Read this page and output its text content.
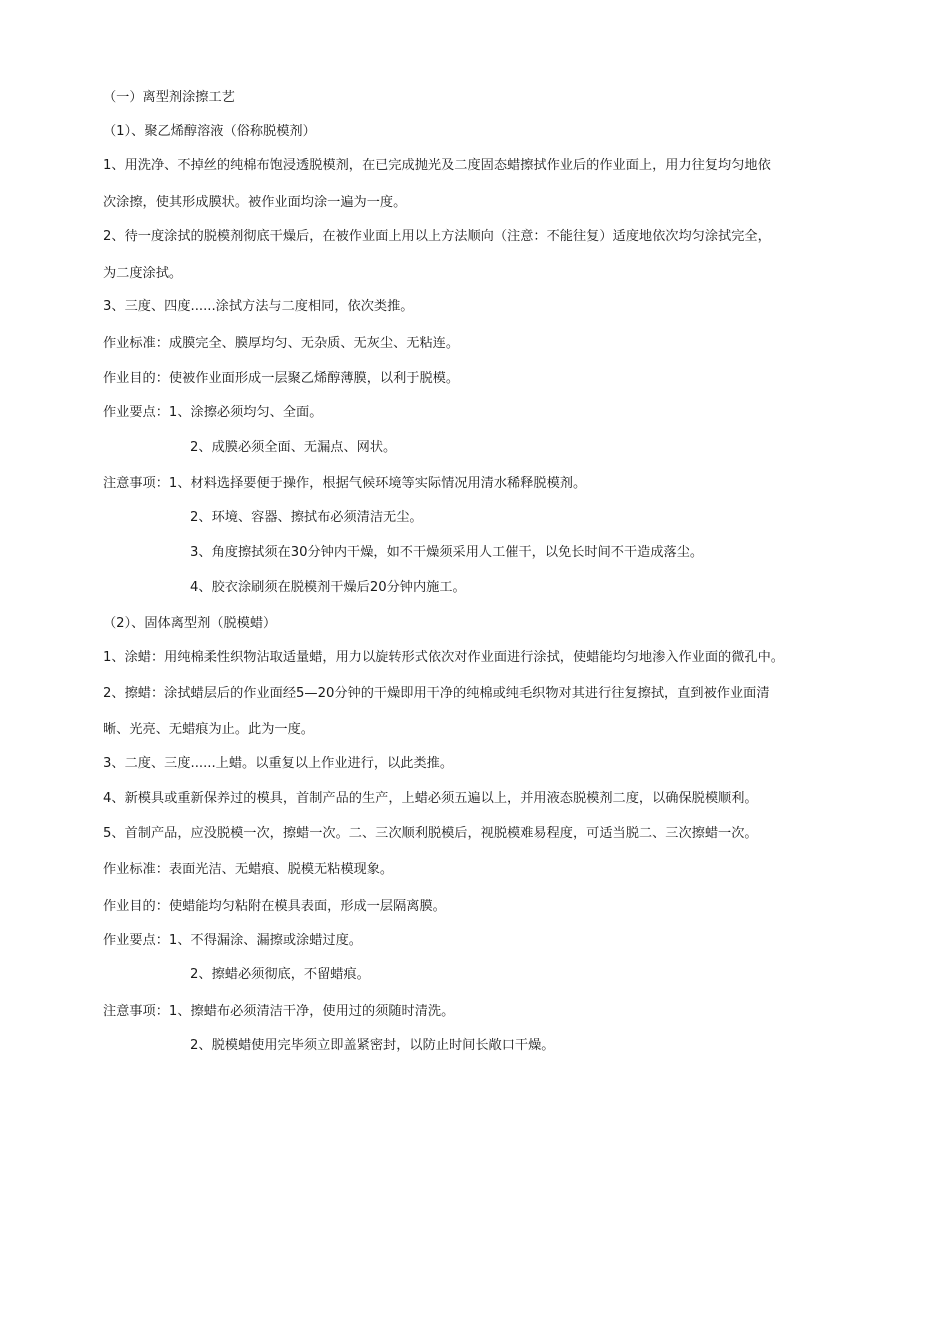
（一）离型剂涂擦工艺
（1）、聚乙烯醇溶液（俗称脱模剂）
1、用洗净、不掉丝的纯棉布饱浸透脱模剂，在已完成抛光及二度固态蜡擦拭作业后的作业面上，用力往复均匀地依
次涂擦，使其形成膜状。被作业面均涂一遍为一度。
2、待一度涂拭的脱模剂彻底干燥后，在被作业面上用以上方法顺向（注意：不能往复）适度地依次均匀涂拭完全，
为二度涂拭。
3、三度、四度......涂拭方法与二度相同，依次类推。
作业标准：成膜完全、膜厚均匀、无杂质、无灰尘、无粘连。
作业目的：使被作业面形成一层聚乙烯醇薄膜，以利于脱模。
作业要点：1、涂擦必须均匀、全面。
2、成膜必须全面、无漏点、网状。
注意事项：1、材料选择要便于操作，根据气候环境等实际情况用清水稀释脱模剂。
2、环境、容器、擦拭布必须清洁无尘。
3、角度擦拭须在30分钟内干燥，如不干燥须采用人工催干，以免长时间不干造成落尘。
4、胶衣涂刷须在脱模剂干燥后20分钟内施工。
（2）、固体离型剂（脱模蜡）
1、涂蜡：用纯棉柔性织物沾取适量蜡，用力以旋转形式依次对作业面进行涂拭，使蜡能均匀地渗入作业面的微孔中。
2、擦蜡：涂拭蜡层后的作业面经5—20分钟的干燥即用干净的纯棉或纯毛织物对其进行往复擦拭，直到被作业面清
晰、光亮、无蜡痕为止。此为一度。
3、二度、三度......上蜡。以重复以上作业进行，以此类推。
4、新模具或重新保养过的模具，首制产品的生产，上蜡必须五遍以上，并用液态脱模剂二度，以确保脱模顺利。
5、首制产品，应没脱模一次，擦蜡一次。二、三次顺利脱模后，视脱模难易程度，可适当脱二、三次擦蜡一次。
作业标准：表面光洁、无蜡痕、脱模无粘模现象。
作业目的：使蜡能均匀粘附在模具表面，形成一层隔离膜。
作业要点：1、不得漏涂、漏擦或涂蜡过度。
2、擦蜡必须彻底，不留蜡痕。
注意事项：1、擦蜡布必须清洁干净，使用过的须随时清洗。
2、脱模蜡使用完毕须立即盖紧密封，以防止时间长敞口干燥。
